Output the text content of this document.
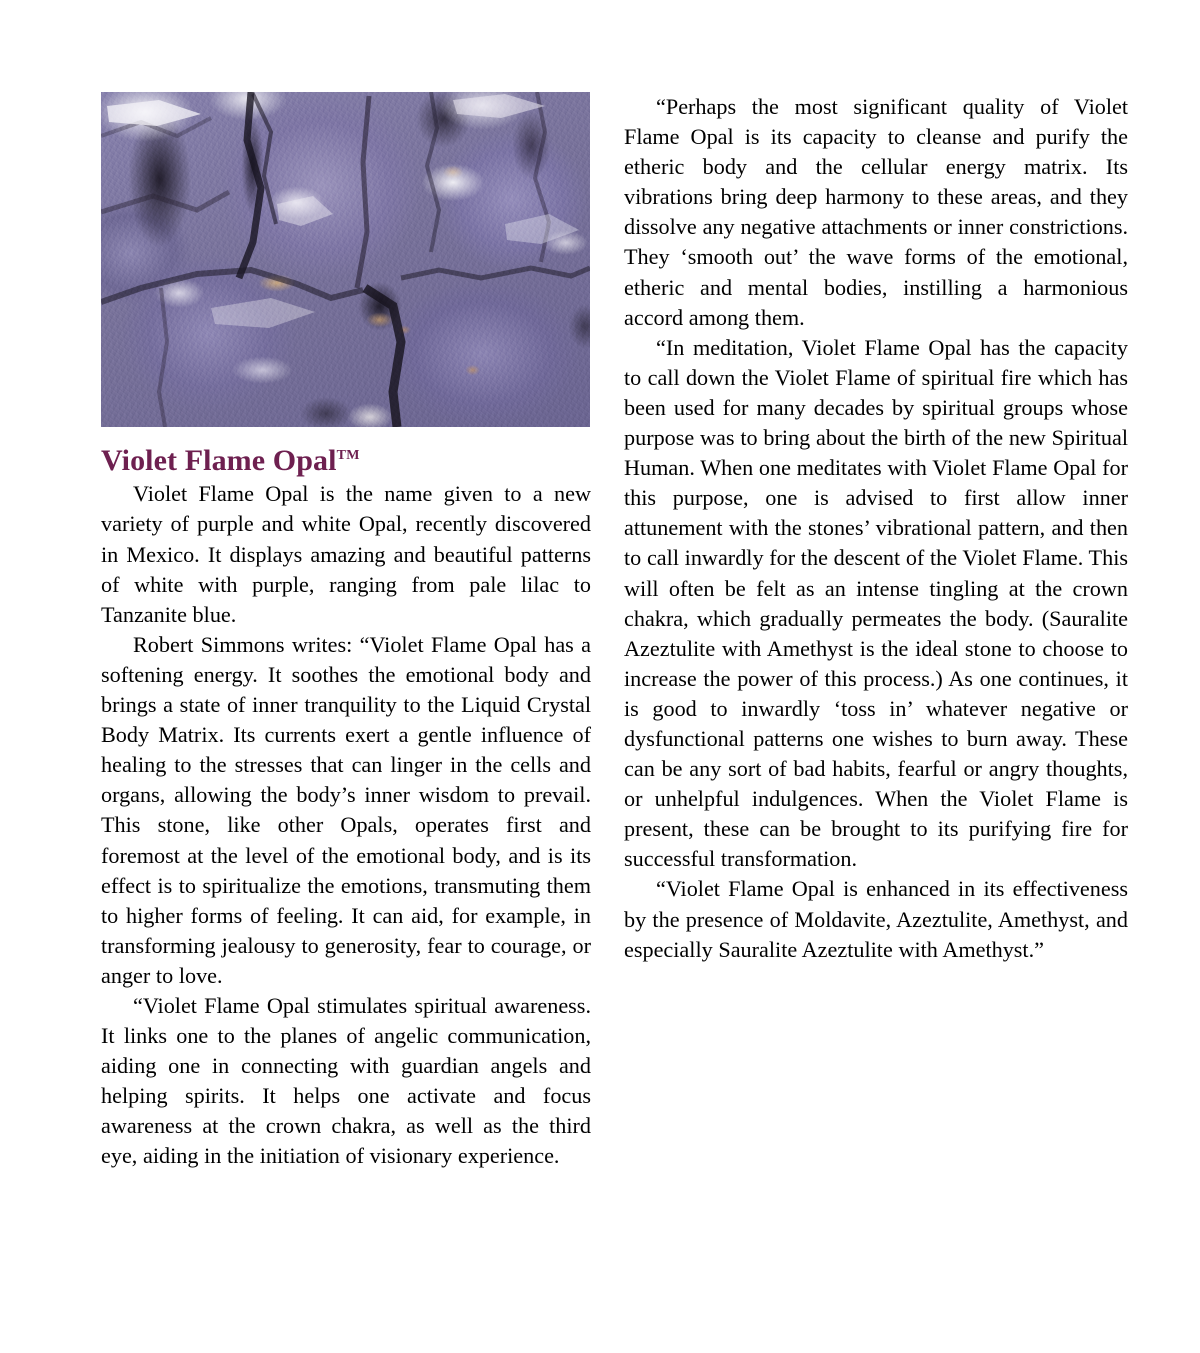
Violet Flame Opal™

Violet Flame Opal is the name given to a new variety of purple and white Opal, recently discovered in Mexico. It displays amazing and beautiful patterns of white with purple, ranging from pale lilac to Tanzanite blue.

Robert Simmons writes: “Violet Flame Opal has a softening energy. It soothes the emotional body and brings a state of inner tranquility to the Liquid Crystal Body Matrix. Its currents exert a gentle influence of healing to the stresses that can linger in the cells and organs, allowing the body’s inner wisdom to prevail. This stone, like other Opals, operates first and foremost at the level of the emotional body, and is its effect is to spiritualize the emotions, transmuting them to higher forms of feeling. It can aid, for example, in transforming jealousy to generosity, fear to courage, or anger to love.

“Violet Flame Opal stimulates spiritual awareness. It links one to the planes of angelic communication, aiding one in connecting with guardian angels and helping spirits. It helps one activate and focus awareness at the crown chakra, as well as the third eye, aiding in the initiation of visionary experience.

“Perhaps the most significant quality of Violet Flame Opal is its capacity to cleanse and purify the etheric body and the cellular energy matrix. Its vibrations bring deep harmony to these areas, and they dissolve any negative attachments or inner constrictions. They ‘smooth out’ the wave forms of the emotional, etheric and mental bodies, instilling a harmonious accord among them.

“In meditation, Violet Flame Opal has the capacity to call down the Violet Flame of spiritual fire which has been used for many decades by spiritual groups whose purpose was to bring about the birth of the new Spiritual Human. When one meditates with Violet Flame Opal for this purpose, one is advised to first allow inner attunement with the stones’ vibrational pattern, and then to call inwardly for the descent of the Violet Flame. This will often be felt as an intense tingling at the crown chakra, which gradually permeates the body. (Sauralite Azeztulite with Amethyst is the ideal stone to choose to increase the power of this process.) As one continues, it is good to inwardly ‘toss in’ whatever negative or dysfunctional patterns one wishes to burn away. These can be any sort of bad habits, fearful or angry thoughts, or unhelpful indulgences. When the Violet Flame is present, these can be brought to its purifying fire for successful transformation.

“Violet Flame Opal is enhanced in its effectiveness by the presence of Moldavite, Azeztulite, Amethyst, and especially Sauralite Azeztulite with Amethyst.”
